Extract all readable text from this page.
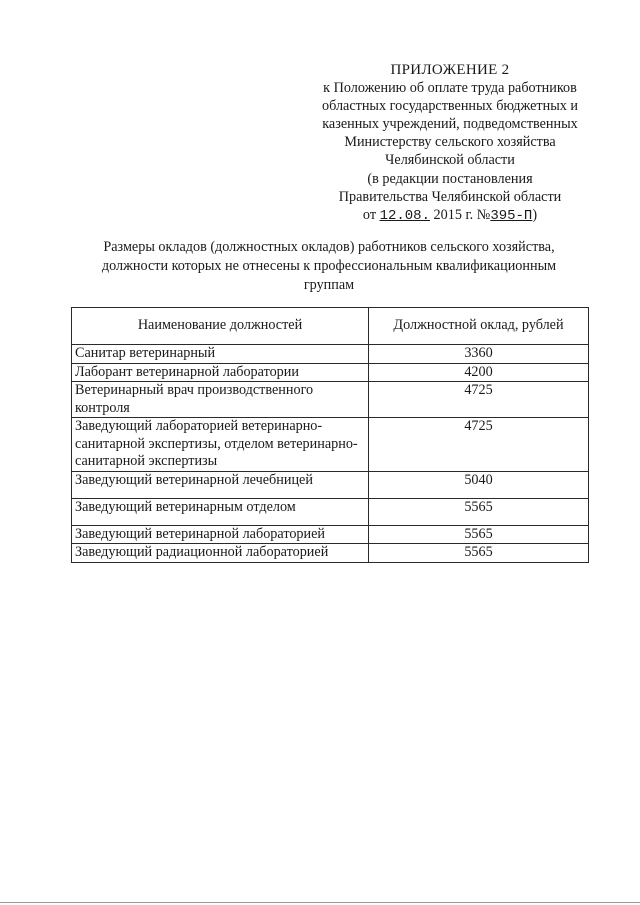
ПРИЛОЖЕНИЕ 2
к Положению об оплате труда работников
областных государственных бюджетных и
казенных учреждений, подведомственных
Министерству сельского хозяйства
Челябинской области
(в редакции постановления
Правительства Челябинской области
от 12.08. 2015 г. №395-П)
Размеры окладов (должностных окладов) работников сельского хозяйства,
должности которых не отнесены к профессиональным квалификационным
группам
Наименование должностей	Должностной оклад, рублей
Санитар ветеринарный	3360
Лаборант ветеринарной лаборатории	4200
Ветеринарный врач производственного контроля	4725
Заведующий лабораторией ветеринарно-санитарной экспертизы, отделом ветеринарно-санитарной экспертизы	4725
Заведующий ветеринарной лечебницей	5040
Заведующий ветеринарным отделом	5565
Заведующий ветеринарной лабораторией	5565
Заведующий радиационной лабораторией	5565
